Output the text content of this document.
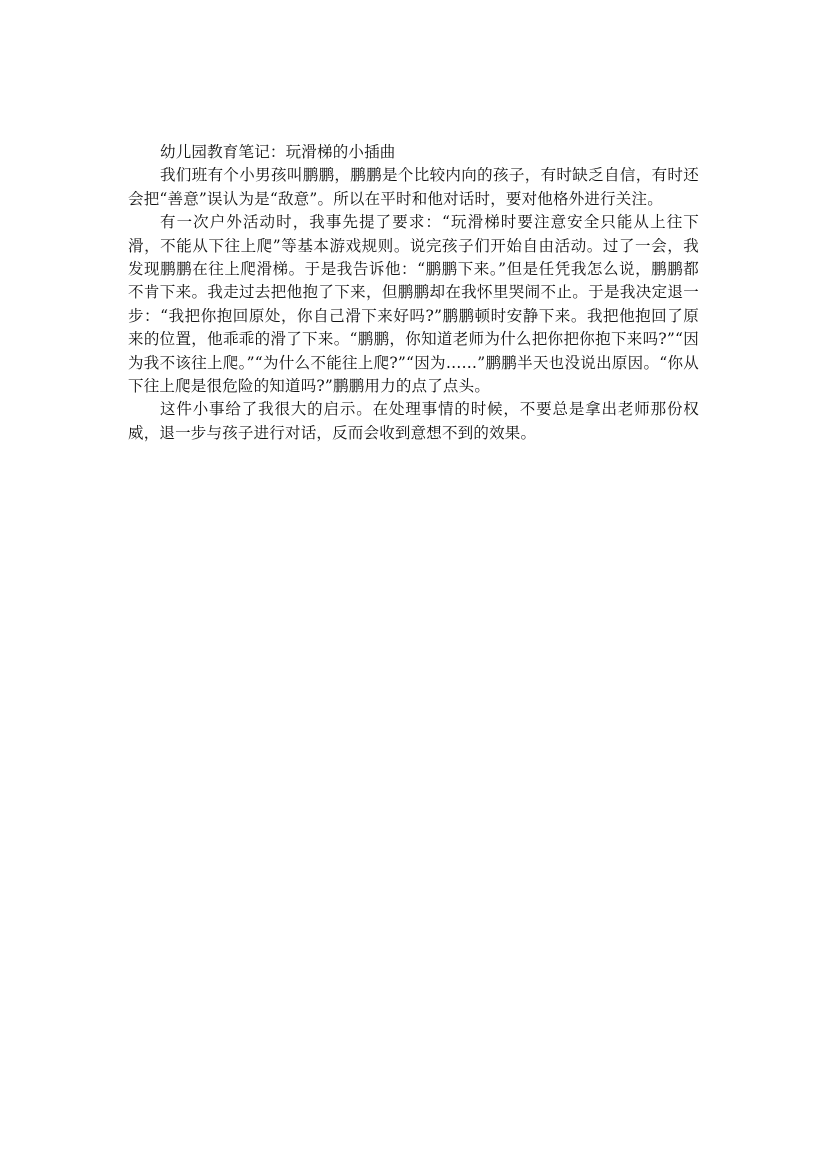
幼儿园教育笔记：玩滑梯的小插曲

我们班有个小男孩叫鹏鹏，鹏鹏是个比较内向的孩子，有时缺乏自信，有时还会把“善意”误认为是“敌意”。所以在平时和他对话时，要对他格外进行关注。

有一次户外活动时，我事先提了要求：“玩滑梯时要注意安全只能从上往下滑，不能从下往上爬”等基本游戏规则。说完孩子们开始自由活动。过了一会，我发现鹏鹏在往上爬滑梯。于是我告诉他：“鹏鹏下来。”但是任凭我怎么说，鹏鹏都不肯下来。我走过去把他抱了下来，但鹏鹏却在我怀里哭闹不止。于是我决定退一步：“我把你抱回原处，你自己滑下来好吗?”鹏鹏顿时安静下来。我把他抱回了原来的位置，他乖乖的滑了下来。“鹏鹏，你知道老师为什么把你把你抱下来吗?”“因为我不该往上爬。”“为什么不能往上爬?”“因为……”鹏鹏半天也没说出原因。“你从下往上爬是很危险的知道吗?”鹏鹏用力的点了点头。

这件小事给了我很大的启示。在处理事情的时候，不要总是拿出老师那份权威，退一步与孩子进行对话，反而会收到意想不到的效果。
